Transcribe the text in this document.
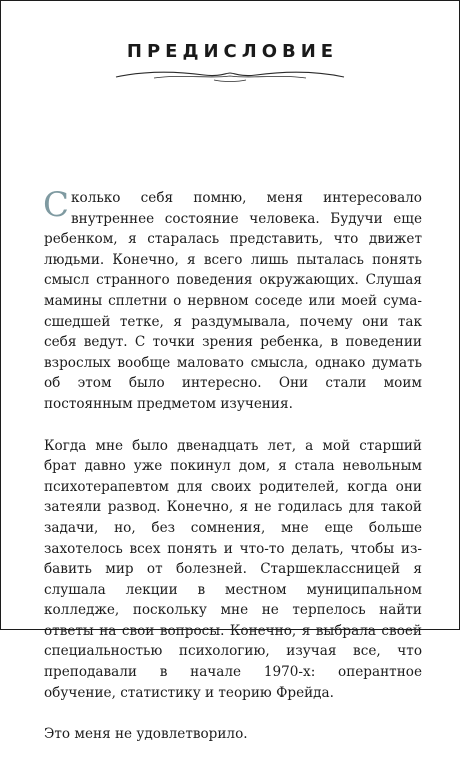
ПРЕДИСЛОВИЕ

Сколько себя помню, меня интересовало внутреннее состояние человека. Будучи еще ребенком, я старалась представить, что движет людьми. Конечно, я всего лишь пыталась понять смысл странного поведения окружающих. Слушая мамины сплетни о нервном соседе или моей сумасшедшей тетке, я раздумывала, почему они так себя ведут. С точки зрения ребенка, в поведении взрослых вообще маловато смысла, однако думать об этом было интересно. Они стали моим постоянным предметом изучения.

Когда мне было двенадцать лет, а мой старший брат давно уже покинул дом, я стала невольным психотерапевтом для своих родителей, когда они затеяли развод. Конечно, я не годилась для такой задачи, но, без сомнения, мне еще больше захотелось всех понять и что-то делать, чтобы избавить мир от болезней. Старшеклассницей я слушала лекции в местном муниципальном колледже, поскольку мне не терпелось найти ответы на свои вопросы. Конечно, я выбрала своей специальностью психологию, изучая все, что преподавали в начале 1970-х: оперантное обучение, статистику и теорию Фрейда.

Это меня не удовлетворило.
